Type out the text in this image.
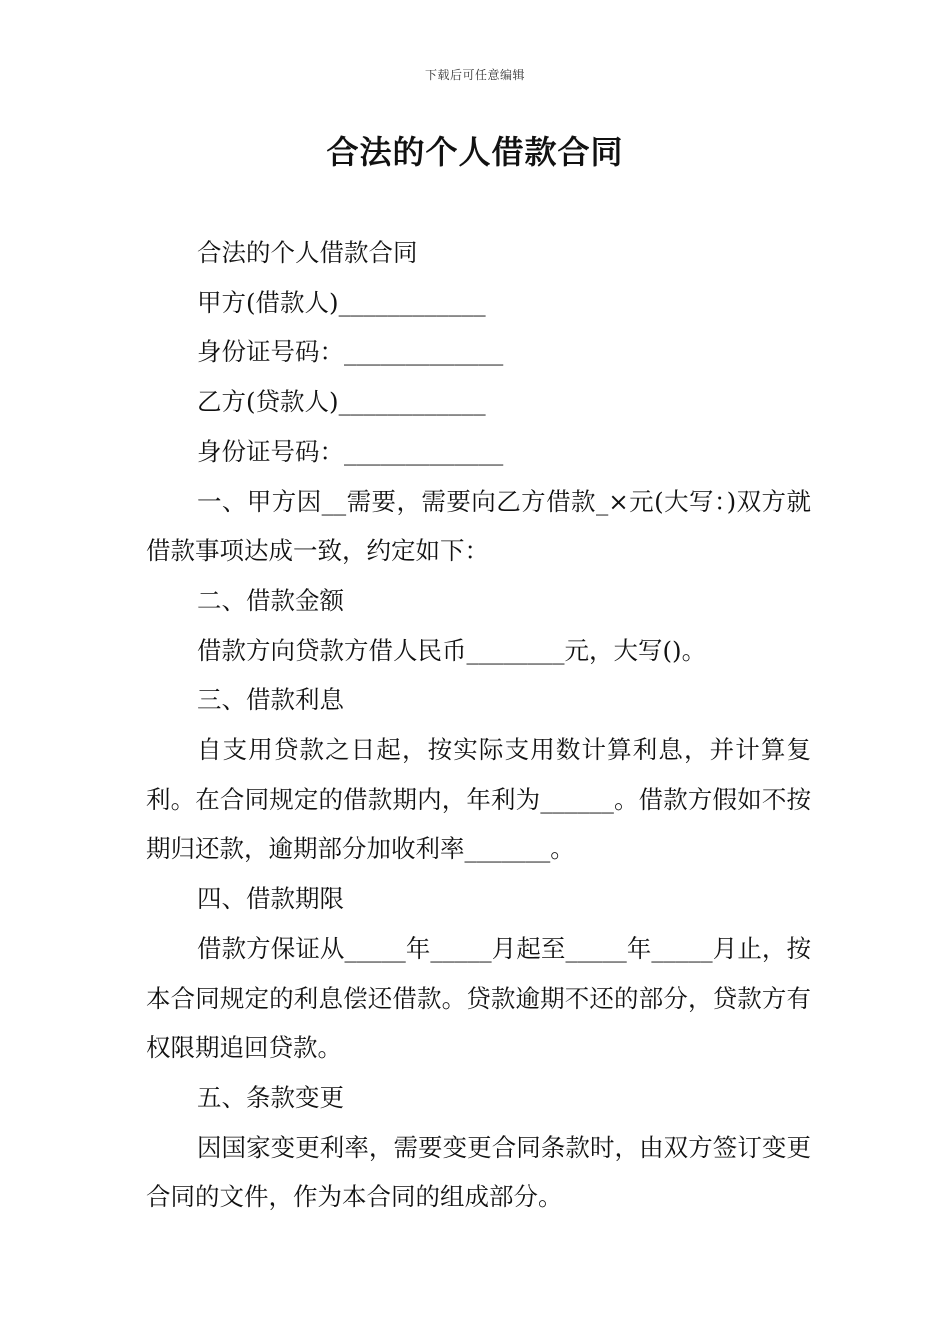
下载后可任意编辑
合法的个人借款合同

合法的个人借款合同

甲方(借款人)____________

身份证号码：_____________

乙方(贷款人)____________

身份证号码：_____________

一、甲方因__需要，需要向乙方借款_×元(大写：)双方就借款事项达成一致，约定如下：

二、借款金额

借款方向贷款方借人民币________元，大写()。

三、借款利息

自支用贷款之日起，按实际支用数计算利息，并计算复利。在合同规定的借款期内，年利为______。借款方假如不按期归还款，逾期部分加收利率_______。

四、借款期限

借款方保证从_____年_____月起至_____年_____月止，按本合同规定的利息偿还借款。贷款逾期不还的部分，贷款方有权限期追回贷款。

五、条款变更

因国家变更利率，需要变更合同条款时，由双方签订变更合同的文件，作为本合同的组成部分。
